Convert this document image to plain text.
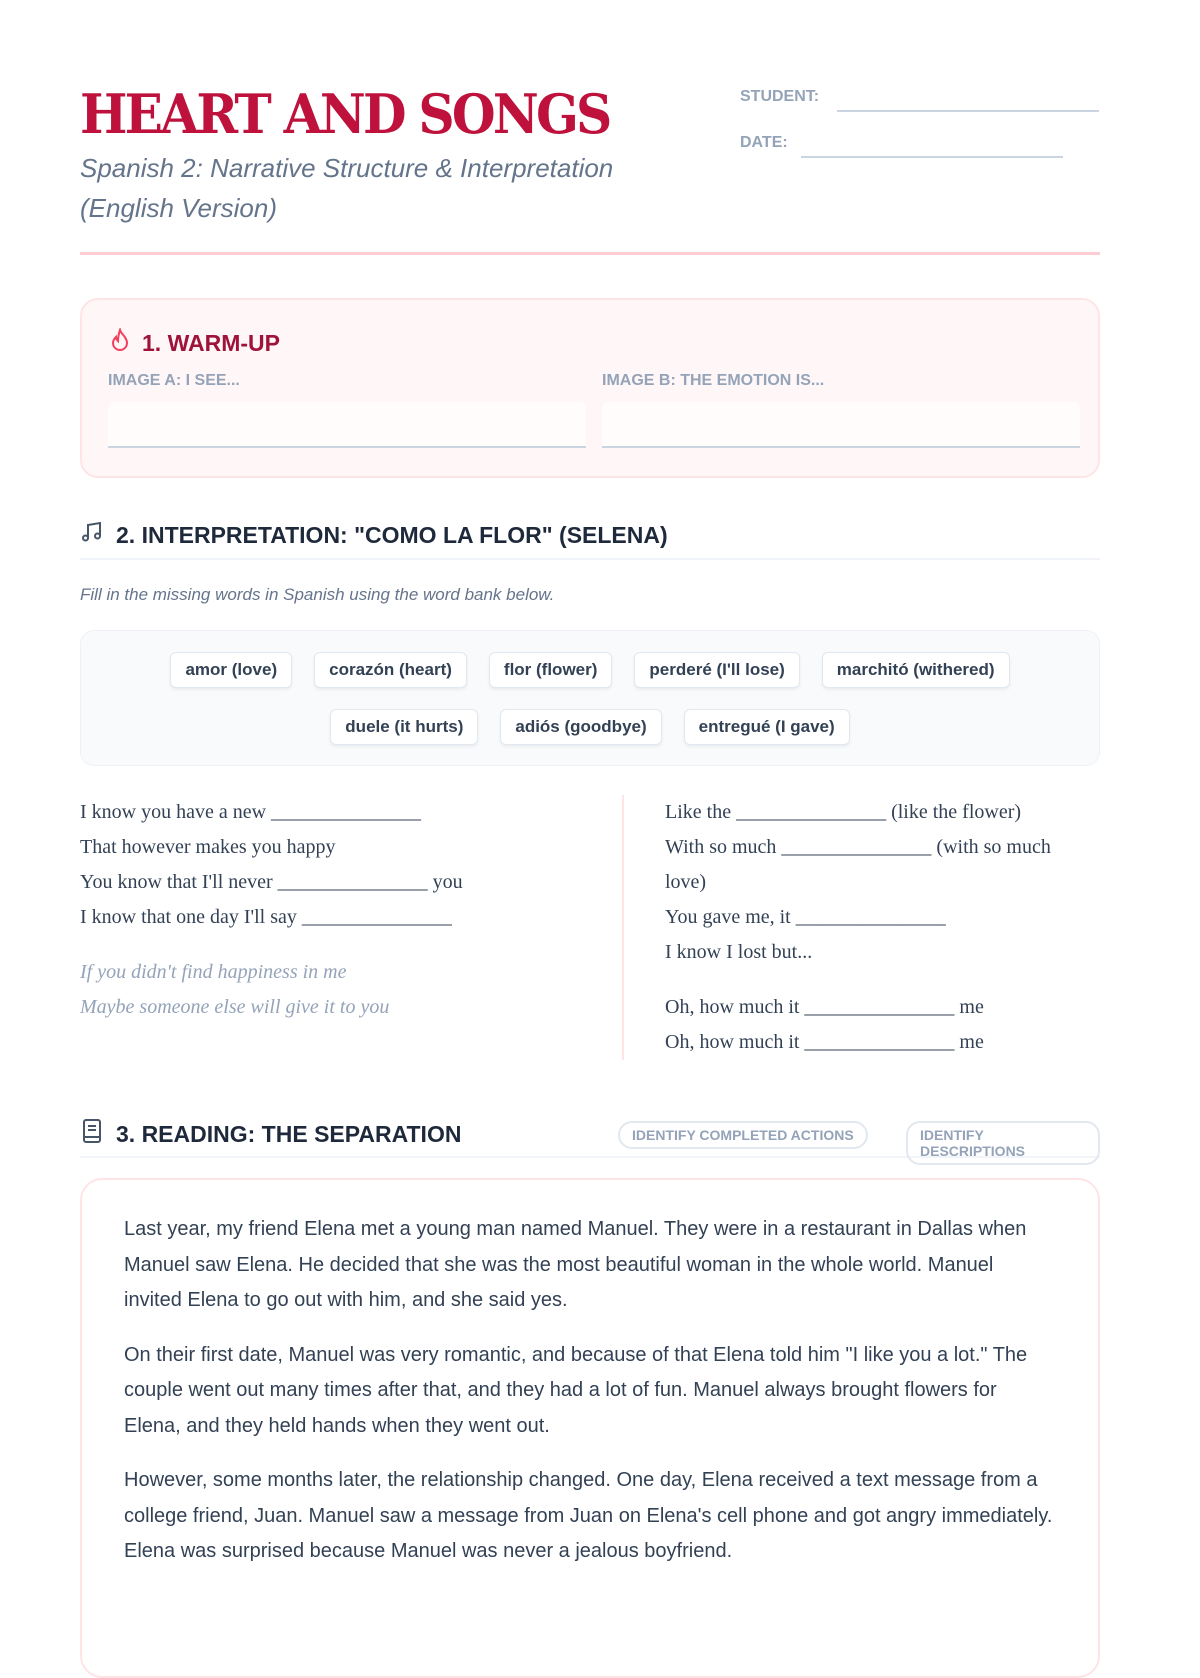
HEART AND SONGS
Spanish 2: Narrative Structure & Interpretation (English Version)
STUDENT:
DATE:
1. WARM-UP
IMAGE A: I SEE...	IMAGE B: THE EMOTION IS...
2. INTERPRETATION: "COMO LA FLOR" (SELENA)
Fill in the missing words in Spanish using the word bank below.
amor (love)	corazón (heart)	flor (flower)	perderé (I'll lose)	marchitó (withered)
duele (it hurts)	adiós (goodbye)	entregué (I gave)
I know you have a new _______________
That however makes you happy
You know that I'll never _______________ you
I know that one day I'll say _______________
If you didn't find happiness in me
Maybe someone else will give it to you
Like the _______________ (like the flower)
With so much _______________ (with so much love)
You gave me, it _______________
I know I lost but...
Oh, how much it _______________ me
Oh, how much it _______________ me
3. READING: THE SEPARATION	IDENTIFY COMPLETED ACTIONS	IDENTIFY DESCRIPTIONS

Last year, my friend Elena met a young man named Manuel. They were in a restaurant in Dallas when Manuel saw Elena. He decided that she was the most beautiful woman in the whole world. Manuel invited Elena to go out with him, and she said yes.

On their first date, Manuel was very romantic, and because of that Elena told him "I like you a lot." The couple went out many times after that, and they had a lot of fun. Manuel always brought flowers for Elena, and they held hands when they went out.

However, some months later, the relationship changed. One day, Elena received a text message from a college friend, Juan. Manuel saw a message from Juan on Elena's cell phone and got angry immediately. Elena was surprised because Manuel was never a jealous boyfriend.
